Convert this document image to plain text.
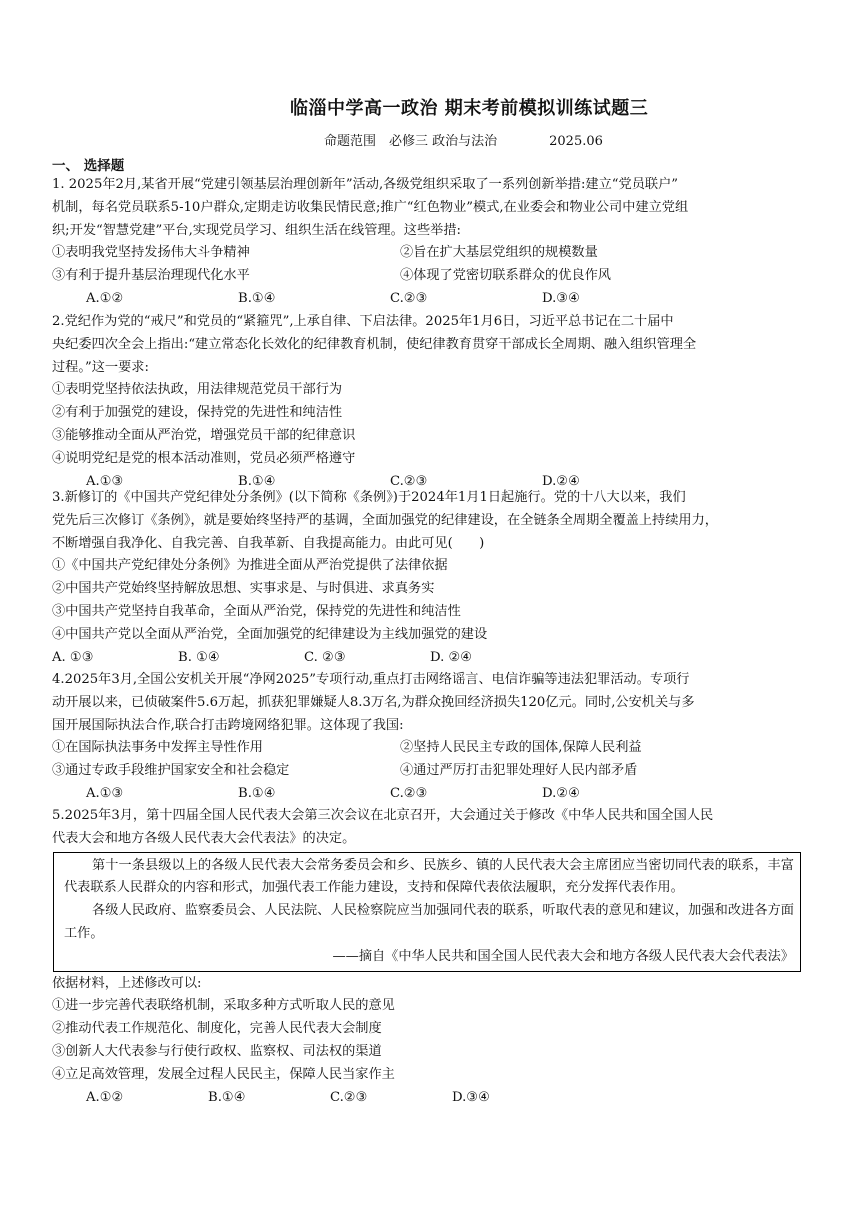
临淄中学高一政治 期末考前模拟训练试题三
命题范围　必修三 政治与法治	2025.06
一、 选择题
1. 2025年2月,某省开展“党建引领基层治理创新年”活动,各级党组织采取了一系列创新举措:建立“党员联户”
机制，每名党员联系5-10户群众,定期走访收集民情民意;推广“红色物业”模式,在业委会和物业公司中建立党组
织;开发“智慧党建”平台,实现党员学习、组织生活在线管理。这些举措:
①表明我党坚持发扬伟大斗争精神	②旨在扩大基层党组织的规模数量
③有利于提升基层治理现代化水平	④体现了党密切联系群众的优良作风
A.①②	B.①④	C.②③	D.③④
2.党纪作为党的“戒尺”和党员的“紧箍咒”,上承自律、下启法律。2025年1月6日，习近平总书记在二十届中
央纪委四次全会上指出:“建立常态化长效化的纪律教育机制，使纪律教育贯穿干部成长全周期、融入组织管理全
过程。”这一要求:
①表明党坚持依法执政，用法律规范党员干部行为
②有利于加强党的建设，保持党的先进性和纯洁性
③能够推动全面从严治党，增强党员干部的纪律意识
④说明党纪是党的根本活动准则，党员必须严格遵守
A.①③	B.①④	C.②③	D.②④
3.新修订的《中国共产党纪律处分条例》(以下简称《条例》)于2024年1月1日起施行。党的十八大以来，我们
党先后三次修订《条例》，就是要始终坚持严的基调，全面加强党的纪律建设，在全链条全周期全覆盖上持续用力，
不断增强自我净化、自我完善、自我革新、自我提高能力。由此可见(　　)
①《中国共产党纪律处分条例》为推进全面从严治党提供了法律依据
②中国共产党始终坚持解放思想、实事求是、与时俱进、求真务实
③中国共产党坚持自我革命，全面从严治党，保持党的先进性和纯洁性
④中国共产党以全面从严治党，全面加强党的纪律建设为主线加强党的建设
A. ①③	B. ①④	C. ②③	D. ②④
4.2025年3月,全国公安机关开展“净网2025”专项行动,重点打击网络谣言、电信诈骗等违法犯罪活动。专项行
动开展以来，已侦破案件5.6万起，抓获犯罪嫌疑人8.3万名,为群众挽回经济损失120亿元。同时,公安机关与多
国开展国际执法合作,联合打击跨境网络犯罪。这体现了我国:
①在国际执法事务中发挥主导性作用	②坚持人民民主专政的国体,保障人民利益
③通过专政手段维护国家安全和社会稳定	④通过严厉打击犯罪处理好人民内部矛盾
A.①③	B.①④	C.②③	D.②④
5.2025年3月，第十四届全国人民代表大会第三次会议在北京召开，大会通过关于修改《中华人民共和国全国人民
代表大会和地方各级人民代表大会代表法》的决定。

第十一条县级以上的各级人民代表大会常务委员会和乡、民族乡、镇的人民代表大会主席团应当密切同代表的联系，丰富代表联系人民群众的内容和形式，加强代表工作能力建设，支持和保障代表依法履职，充分发挥代表作用。

各级人民政府、监察委员会、人民法院、人民检察院应当加强同代表的联系，听取代表的意见和建议，加强和改进各方面工作。

——摘自《中华人民共和国全国人民代表大会和地方各级人民代表大会代表法》

依据材料，上述修改可以:
①进一步完善代表联络机制，采取多种方式听取人民的意见
②推动代表工作规范化、制度化，完善人民代表大会制度
③创新人大代表参与行使行政权、监察权、司法权的渠道
④立足高效管理，发展全过程人民民主，保障人民当家作主
A.①②	B.①④	C.②③	D.③④
